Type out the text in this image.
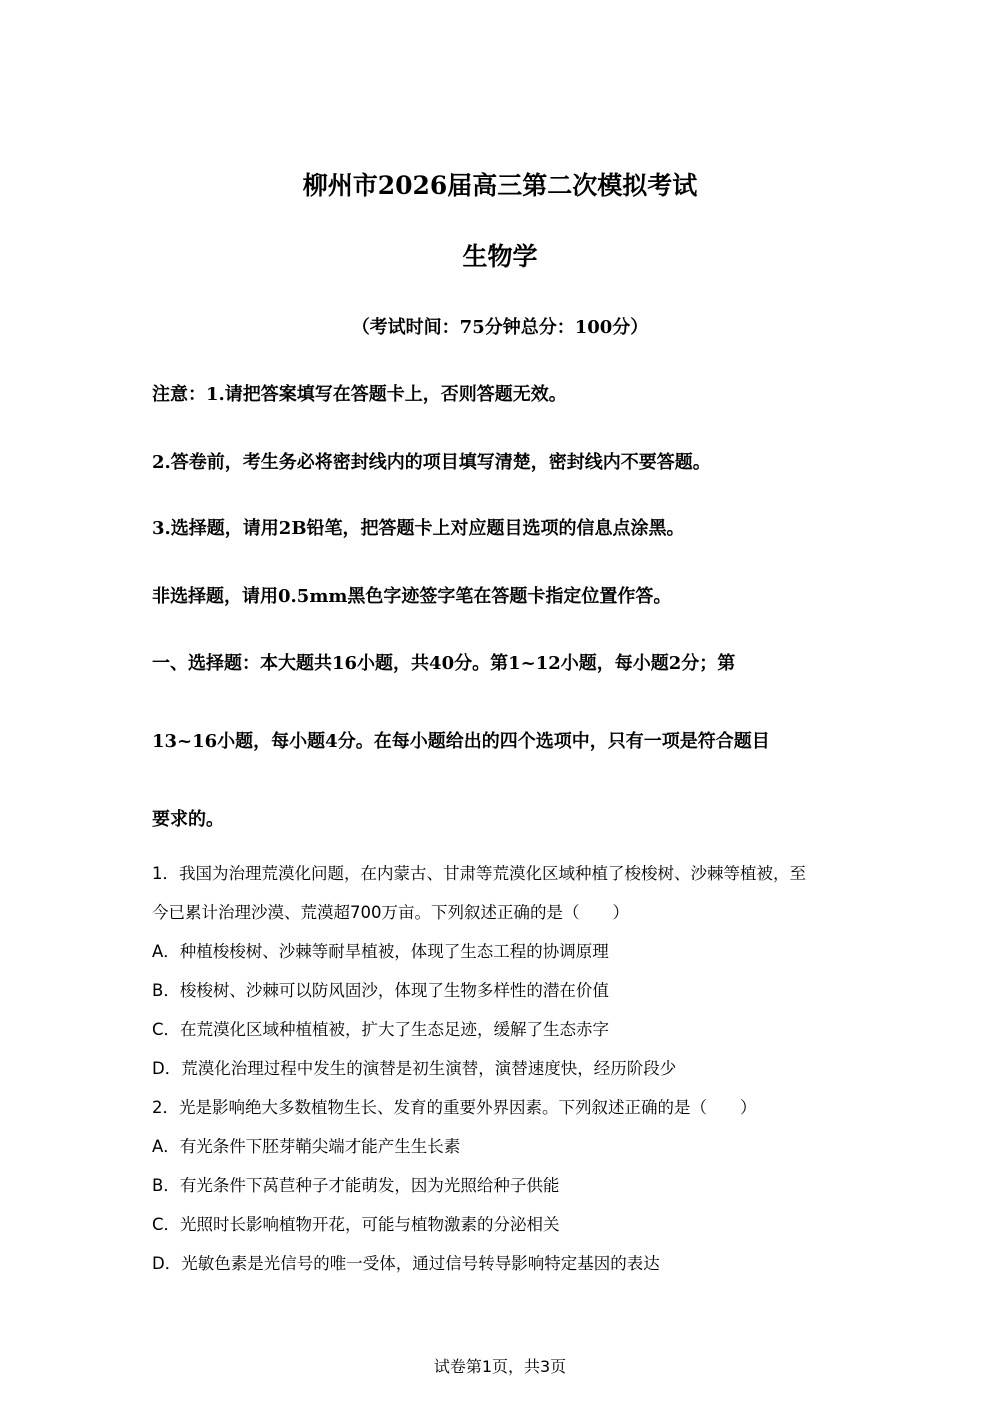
柳州市2026届高三第二次模拟考试
生物学
（考试时间：75分钟总分：100分）
注意：1.请把答案填写在答题卡上，否则答题无效。
2.答卷前，考生务必将密封线内的项目填写清楚，密封线内不要答题。
3.选择题，请用2B铅笔，把答题卡上对应题目选项的信息点涂黑。
非选择题，请用0.5mm黑色字迹签字笔在答题卡指定位置作答。
一、选择题：本大题共16小题，共40分。第1~12小题，每小题2分；第
13~16小题，每小题4分。在每小题给出的四个选项中，只有一项是符合题目
要求的。
1．我国为治理荒漠化问题，在内蒙古、甘肃等荒漠化区域种植了梭梭树、沙棘等植被，至
今已累计治理沙漠、荒漠超700万亩。下列叙述正确的是（　　）
A．种植梭梭树、沙棘等耐旱植被，体现了生态工程的协调原理
B．梭梭树、沙棘可以防风固沙，体现了生物多样性的潜在价值
C．在荒漠化区域种植植被，扩大了生态足迹，缓解了生态赤字
D．荒漠化治理过程中发生的演替是初生演替，演替速度快，经历阶段少
2．光是影响绝大多数植物生长、发育的重要外界因素。下列叙述正确的是（　　）
A．有光条件下胚芽鞘尖端才能产生生长素
B．有光条件下莴苣种子才能萌发，因为光照给种子供能
C．光照时长影响植物开花，可能与植物激素的分泌相关
D．光敏色素是光信号的唯一受体，通过信号转导影响特定基因的表达
试卷第1页，共3页
